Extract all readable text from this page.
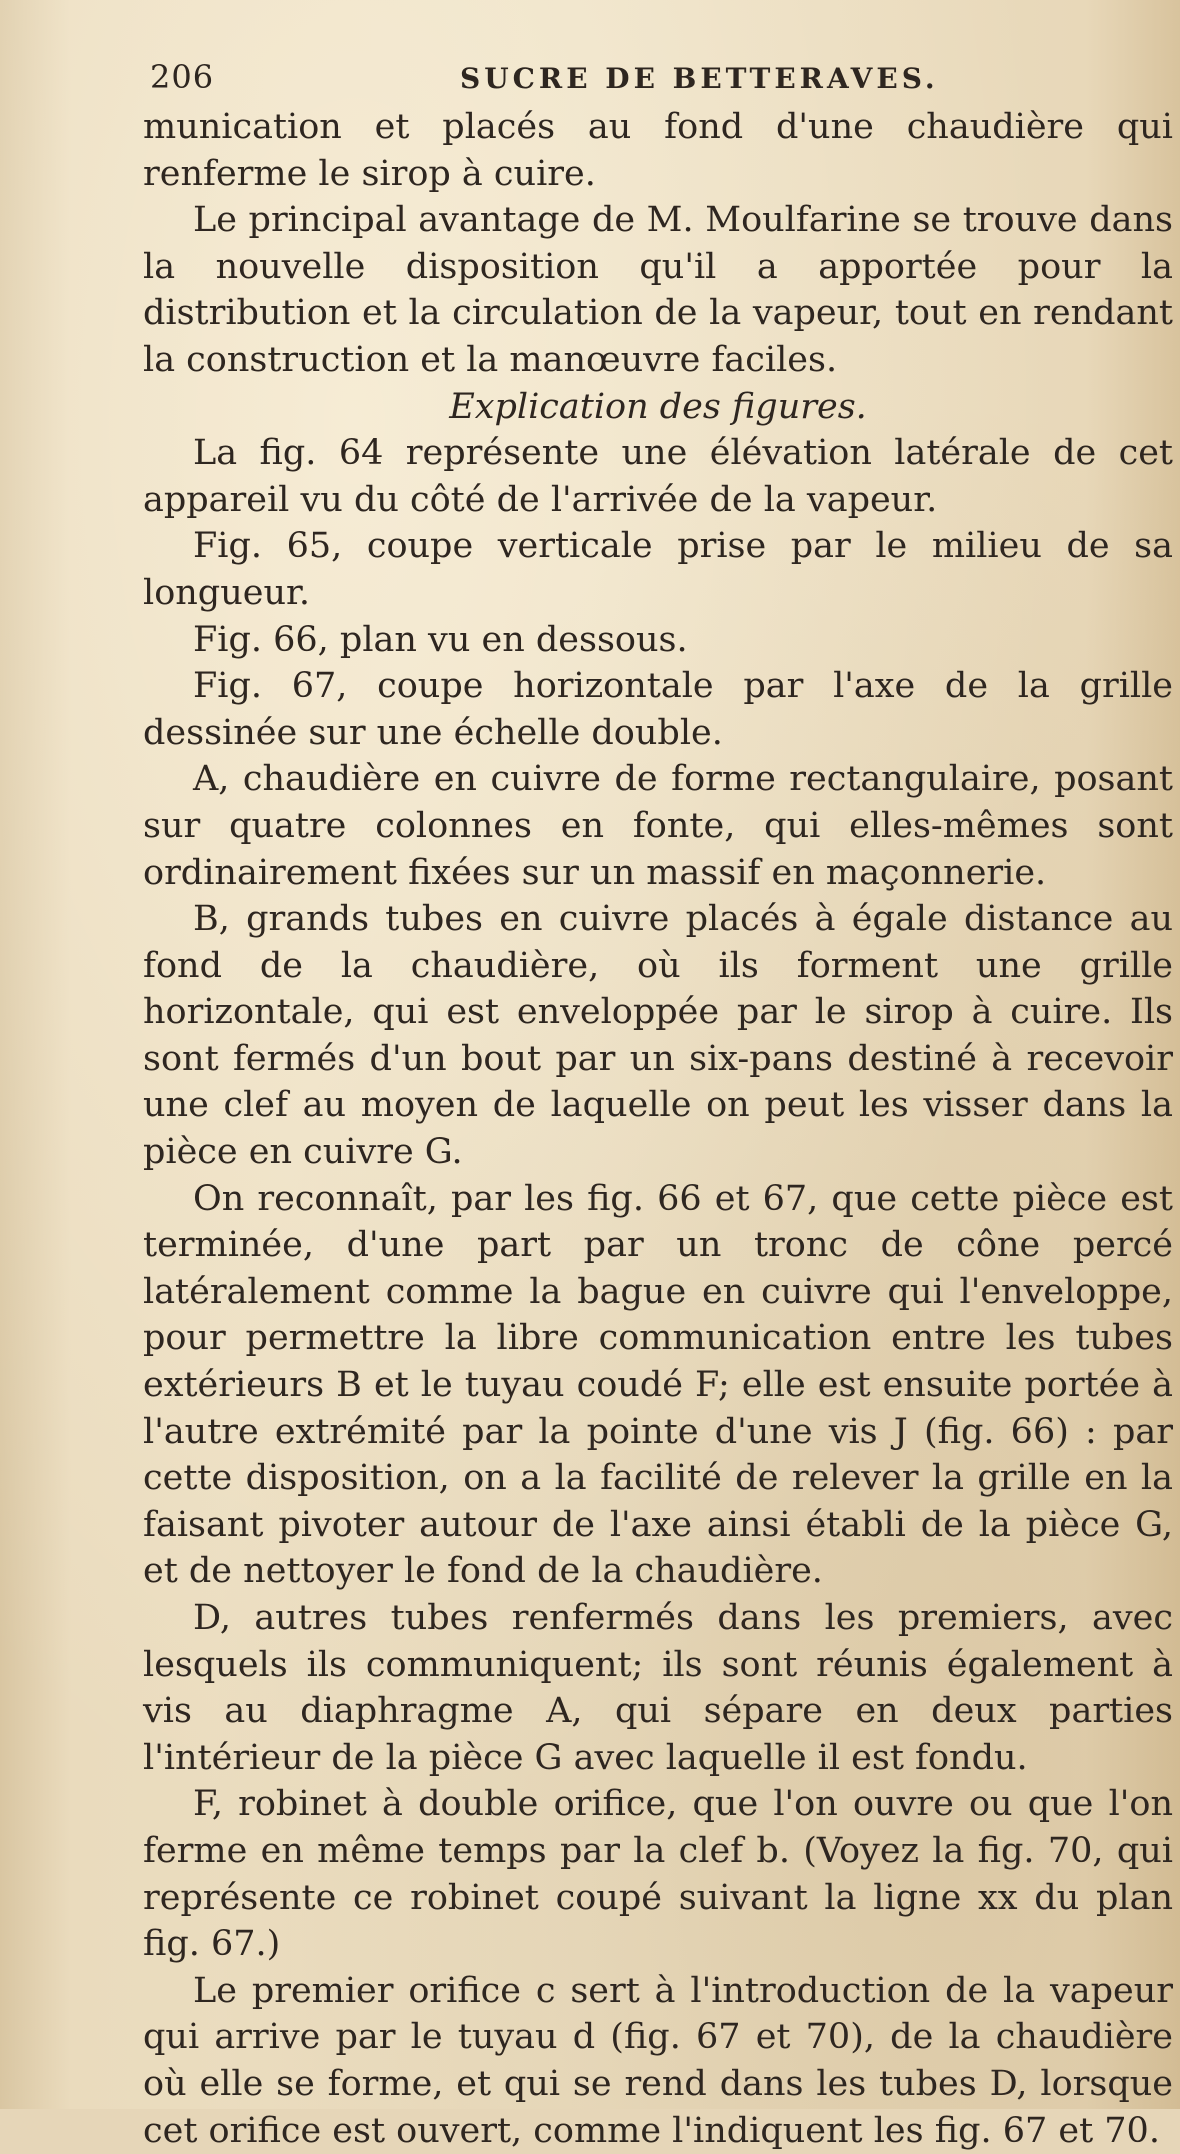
206	SUCRE DE BETTERAVES.

munication et placés au fond d'une chaudière qui renferme le sirop à cuire.

Le principal avantage de M. Moulfarine se trouve dans la nouvelle disposition qu'il a apportée pour la distribution et la circulation de la vapeur, tout en rendant la construction et la manœuvre faciles.

Explication des figures.

La fig. 64 représente une élévation latérale de cet appareil vu du côté de l'arrivée de la vapeur.

Fig. 65, coupe verticale prise par le milieu de sa longueur.

Fig. 66, plan vu en dessous.

Fig. 67, coupe horizontale par l'axe de la grille dessinée sur une échelle double.

A, chaudière en cuivre de forme rectangulaire, posant sur quatre colonnes en fonte, qui elles-mêmes sont ordinairement fixées sur un massif en maçonnerie.

B, grands tubes en cuivre placés à égale distance au fond de la chaudière, où ils forment une grille horizontale, qui est enveloppée par le sirop à cuire. Ils sont fermés d'un bout par un six-pans destiné à recevoir une clef au moyen de laquelle on peut les visser dans la pièce en cuivre G.

On reconnaît, par les fig. 66 et 67, que cette pièce est terminée, d'une part par un tronc de cône percé latéralement comme la bague en cuivre qui l'enveloppe, pour permettre la libre communication entre les tubes extérieurs B et le tuyau coudé F; elle est ensuite portée à l'autre extrémité par la pointe d'une vis J (fig. 66) : par cette disposition, on a la facilité de relever la grille en la faisant pivoter autour de l'axe ainsi établi de la pièce G, et de nettoyer le fond de la chaudière.

D, autres tubes renfermés dans les premiers, avec lesquels ils communiquent; ils sont réunis également à vis au diaphragme A, qui sépare en deux parties l'intérieur de la pièce G avec laquelle il est fondu.

F, robinet à double orifice, que l'on ouvre ou que l'on ferme en même temps par la clef b. (Voyez la fig. 70, qui représente ce robinet coupé suivant la ligne xx du plan fig. 67.)

Le premier orifice c sert à l'introduction de la vapeur qui arrive par le tuyau d (fig. 67 et 70), de la chaudière où elle se forme, et qui se rend dans les tubes D, lorsque cet orifice est ouvert, comme l'indiquent les fig. 67 et 70.
